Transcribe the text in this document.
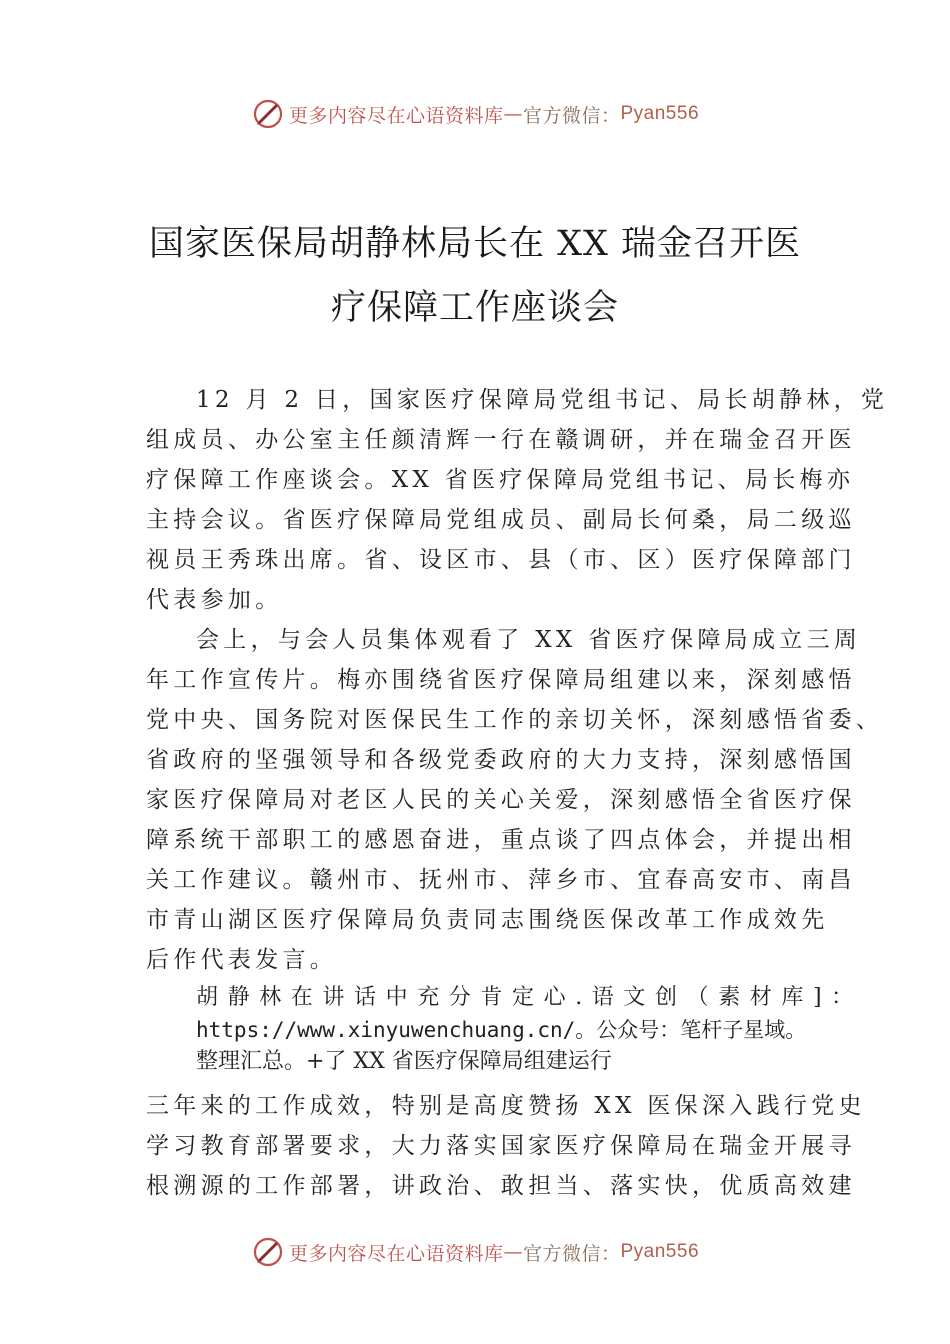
更多内容尽在心语资料库 — 官方微信： Pyan556
国家医保局胡静林局长在 XX 瑞金召开医
疗保障工作座谈会
12 月 2 日，国家医疗保障局党组书记、局长胡静林，党
组成员、办公室主任颜清辉一行在赣调研，并在瑞金召开医
疗保障工作座谈会。XX 省医疗保障局党组书记、局长梅亦
主持会议。省医疗保障局党组成员、副局长何桑，局二级巡
视员王秀珠出席。省、设区市、县（市、区）医疗保障部门
代表参加。
会上，与会人员集体观看了 XX 省医疗保障局成立三周
年工作宣传片。梅亦围绕省医疗保障局组建以来，深刻感悟
党中央、国务院对医保民生工作的亲切关怀，深刻感悟省委、
省政府的坚强领导和各级党委政府的大力支持，深刻感悟国
家医疗保障局对老区人民的关心关爱，深刻感悟全省医疗保
障系统干部职工的感恩奋进，重点谈了四点体会，并提出相
关工作建议。赣州市、抚州市、萍乡市、宜春高安市、南昌
市青山湖区医疗保障局负责同志围绕医保改革工作成效先
后作代表发言。
胡静林在讲话中充分肯定心.语文创（素材库]：
https://www.xinyuwenchuang.cn/。公众号：笔杆子星域。
整理汇总。+了 XX 省医疗保障局组建运行
三年来的工作成效，特别是高度赞扬 XX 医保深入践行党史
学习教育部署要求，大力落实国家医疗保障局在瑞金开展寻
根溯源的工作部署，讲政治、敢担当、落实快，优质高效建
更多内容尽在心语资料库 — 官方微信： Pyan556
